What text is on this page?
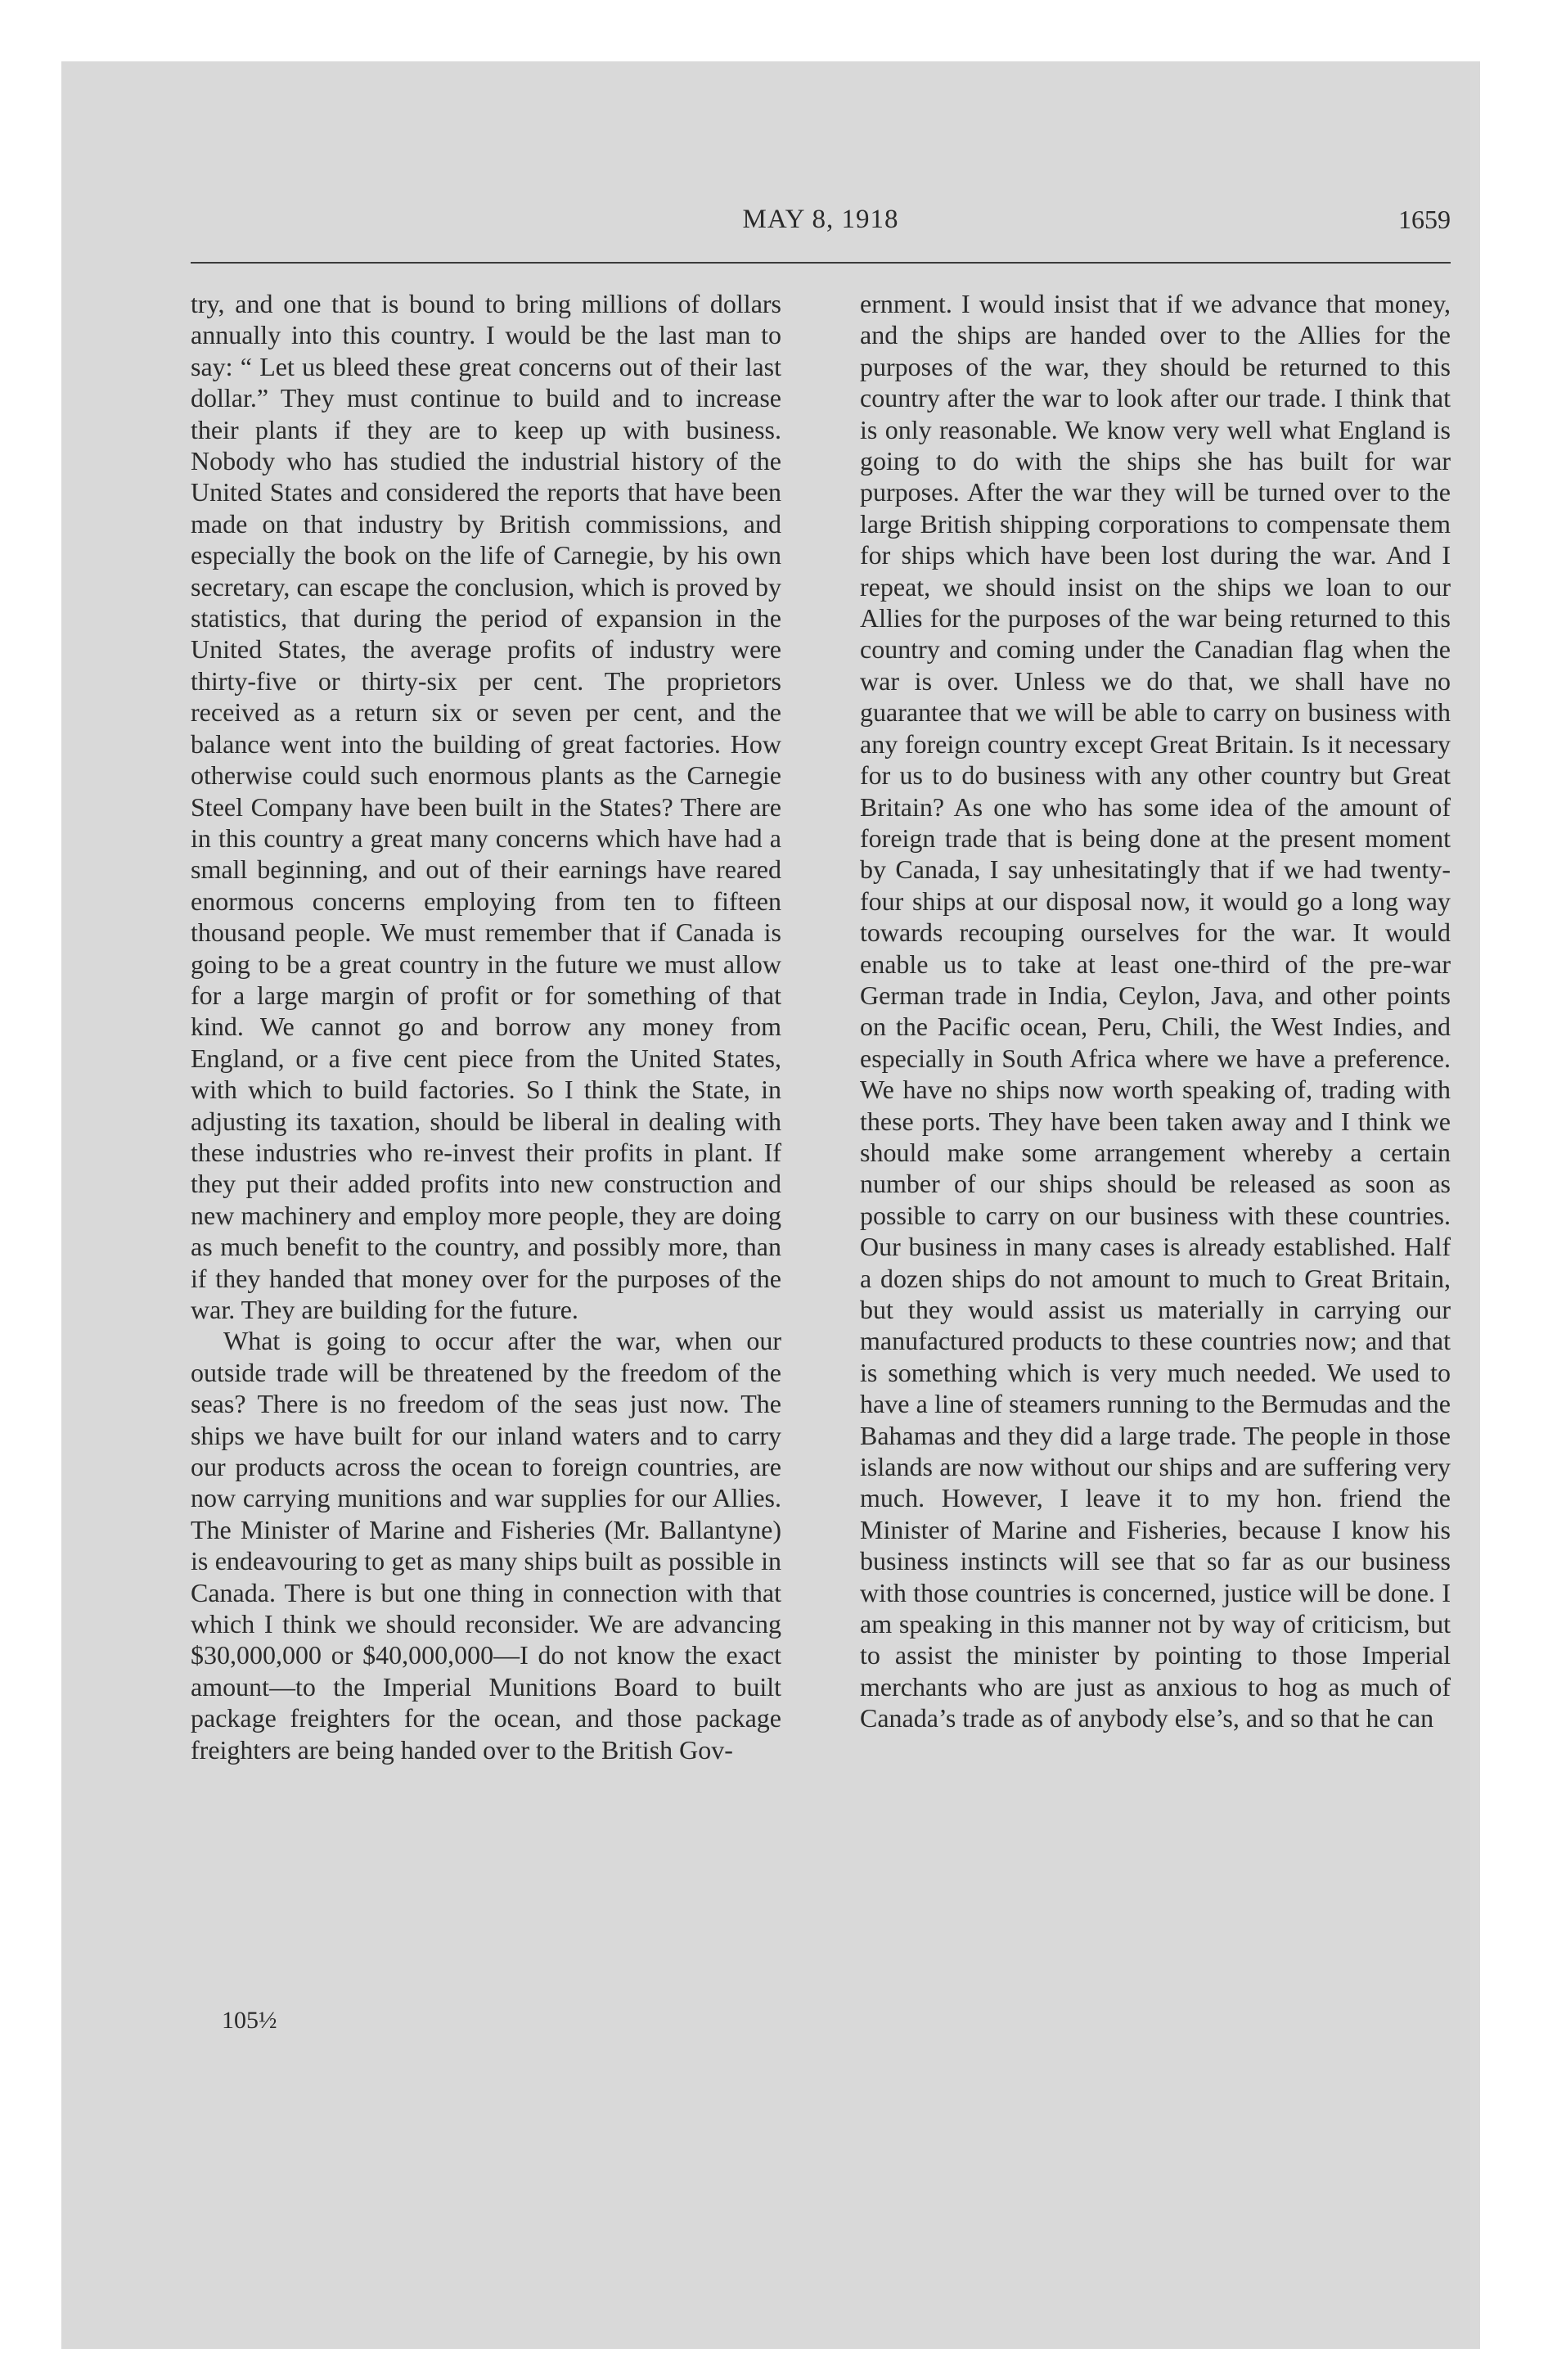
MAY 8, 1918	1659

try, and one that is bound to bring millions of dollars annually into this country. I would be the last man to say: “ Let us bleed these great concerns out of their last dollar.” They must continue to build and to increase their plants if they are to keep up with business. Nobody who has studied the industrial history of the United States and considered the reports that have been made on that industry by British commissions, and especially the book on the life of Carnegie, by his own secretary, can escape the conclusion, which is proved by statistics, that during the period of expansion in the United States, the average profits of industry were thirty-five or thirty-six per cent. The proprietors received as a return six or seven per cent, and the balance went into the building of great factories. How otherwise could such enormous plants as the Carnegie Steel Company have been built in the States? There are in this country a great many concerns which have had a small beginning, and out of their earnings have reared enormous concerns employing from ten to fifteen thousand people. We must remember that if Canada is going to be a great country in the future we must allow for a large margin of profit or for something of that kind. We cannot go and borrow any money from England, or a five cent piece from the United States, with which to build factories. So I think the State, in adjusting its taxation, should be liberal in dealing with these industries who re-invest their profits in plant. If they put their added profits into new construction and new machinery and employ more people, they are doing as much benefit to the country, and possibly more, than if they handed that money over for the purposes of the war. They are building for the future.

What is going to occur after the war, when our outside trade will be threatened by the freedom of the seas? There is no freedom of the seas just now. The ships we have built for our inland waters and to carry our products across the ocean to foreign countries, are now carrying munitions and war supplies for our Allies. The Minister of Marine and Fisheries (Mr. Ballantyne) is endeavouring to get as many ships built as possible in Canada. There is but one thing in connection with that which I think we should reconsider. We are advancing $30,000,000 or $40,000,000—I do not know the exact amount—to the Imperial Munitions Board to built package freighters for the ocean, and those package freighters are being handed over to the British Gov-

ernment. I would insist that if we advance that money, and the ships are handed over to the Allies for the purposes of the war, they should be returned to this country after the war to look after our trade. I think that is only reasonable. We know very well what England is going to do with the ships she has built for war purposes. After the war they will be turned over to the large British shipping corporations to compensate them for ships which have been lost during the war. And I repeat, we should insist on the ships we loan to our Allies for the purposes of the war being returned to this country and coming under the Canadian flag when the war is over. Unless we do that, we shall have no guarantee that we will be able to carry on business with any foreign country except Great Britain. Is it necessary for us to do business with any other country but Great Britain? As one who has some idea of the amount of foreign trade that is being done at the present moment by Canada, I say unhesitatingly that if we had twenty-four ships at our disposal now, it would go a long way towards recouping ourselves for the war. It would enable us to take at least one-third of the pre-war German trade in India, Ceylon, Java, and other points on the Pacific ocean, Peru, Chili, the West Indies, and especially in South Africa where we have a preference. We have no ships now worth speaking of, trading with these ports. They have been taken away and I think we should make some arrangement whereby a certain number of our ships should be released as soon as possible to carry on our business with these countries. Our business in many cases is already established. Half a dozen ships do not amount to much to Great Britain, but they would assist us materially in carrying our manufactured products to these countries now; and that is something which is very much needed. We used to have a line of steamers running to the Bermudas and the Bahamas and they did a large trade. The people in those islands are now without our ships and are suffering very much. However, I leave it to my hon. friend the Minister of Marine and Fisheries, because I know his business instincts will see that so far as our business with those countries is concerned, justice will be done. I am speaking in this manner not by way of criticism, but to assist the minister by pointing to those Imperial merchants who are just as anxious to hog as much of Canada’s trade as of anybody else’s, and so that he can

105½
